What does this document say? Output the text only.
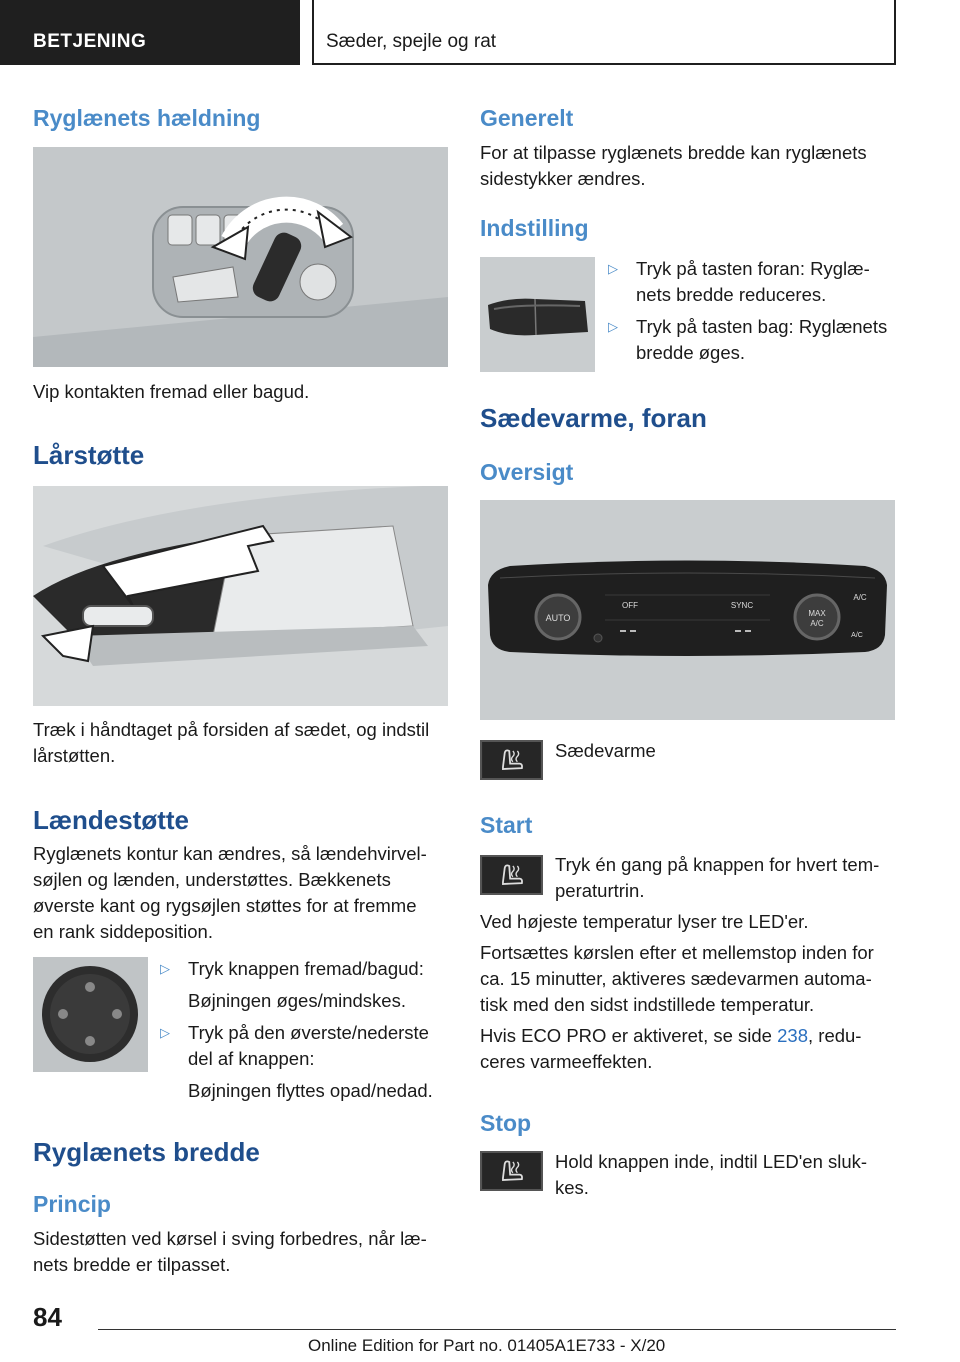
BETJENING	Sæder, spejle og rat
Ryglænets hældning
Vip kontakten fremad eller bagud.
Lårstøtte
Træk i håndtaget på forsiden af sædet, og indstil
lårstøtten.
Lændestøtte
Ryglænets kontur kan ændres, så lændehvirvel-
søjlen og lænden, understøttes. Bækkenets
øverste kant og rygsøjlen støttes for at fremme
en rank siddeposition.
▷ Tryk knappen fremad/bagud:
Bøjningen øges/mindskes.
▷ Tryk på den øverste/nederste
del af knappen:
Bøjningen flyttes opad/nedad.
Ryglænets bredde
Princip
Sidestøtten ved kørsel i sving forbedres, når læ-
nets bredde er tilpasset.
Generelt
For at tilpasse ryglænets bredde kan ryglænets
sidestykker ændres.
Indstilling
▷ Tryk på tasten foran: Ryglæ-
nets bredde reduceres.
▷ Tryk på tasten bag: Ryglænets
bredde øges.
Sædevarme, foran
Oversigt
AUTO	MAX
A/C
OFF	SYNC
A/C
A/C
Sædevarme
Start
Tryk én gang på knappen for hvert tem-
peraturtrin.
Ved højeste temperatur lyser tre LED'er.
Fortsættes kørslen efter et mellemstop inden for
ca. 15 minutter, aktiveres sædevarmen automa-
tisk med den sidst indstillede temperatur.
Hvis ECO PRO er aktiveret, se side 238, redu-
ceres varmeeffekten.
Stop
Hold knappen inde, indtil LED'en sluk-
kes.
84
Online Edition for Part no. 01405A1E733 - X/20
